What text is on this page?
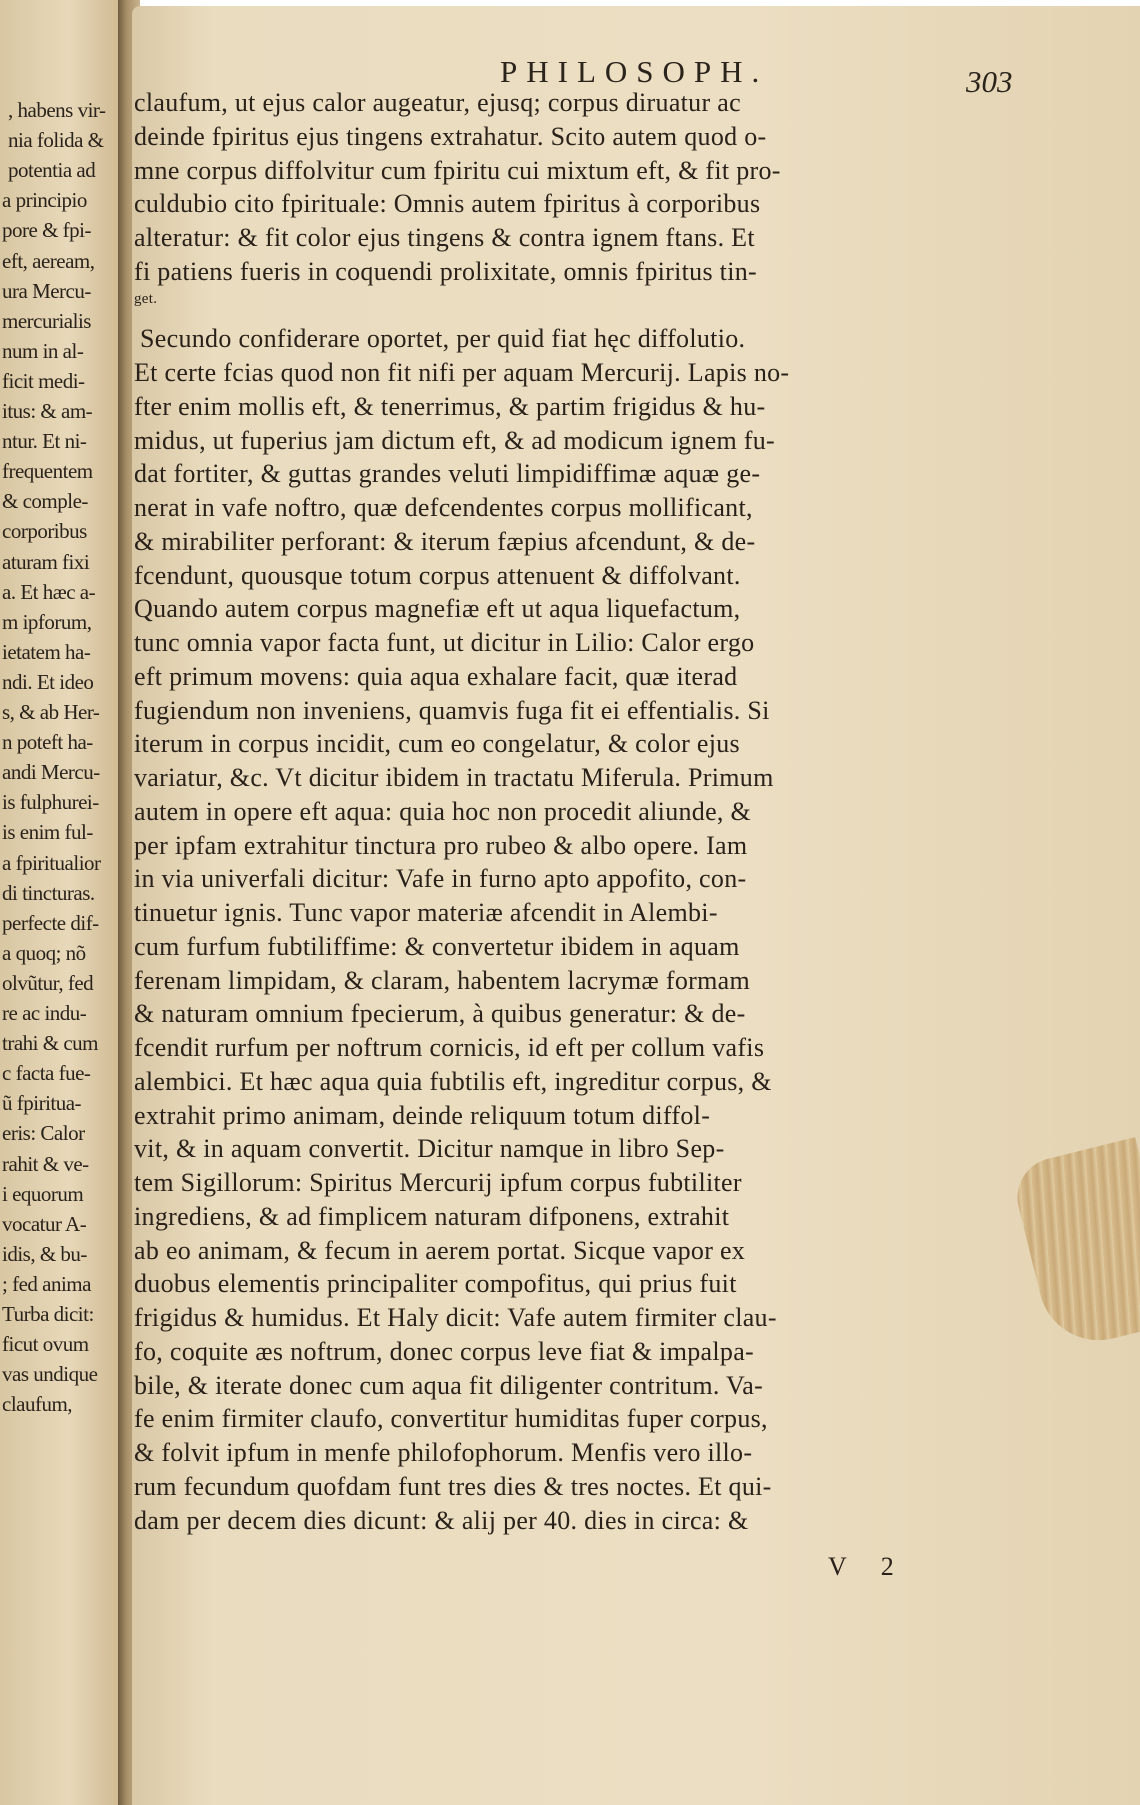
, habens vir-
nia folida &
potentia ad
a principio
pore & fpi-
eft, aeream,
ura Mercu-
mercurialis
num in al-
ficit medi-
itus: & am-
ntur. Et ni-
frequentem
& comple-
corporibus
aturam fixi
a. Et hæc a-
m ipforum,
ietatem ha-
ndi. Et ideo
s, & ab Her-
n poteft ha-
andi Mercu-
is fulphurei-
is enim ful-
a fpiritualior
di tincturas.
perfecte dif-
a quoq; nõ
olvũtur, fed
re ac indu-
trahi & cum
c facta fue-
ũ fpiritua-
eris: Calor
rahit & ve-
i equorum
vocatur A-
idis, & bu-
; fed anima
Turba dicit:
ficut ovum
vas undique
claufum,
PHILOSOPH.	303
claufum, ut ejus calor augeatur, ejusq; corpus diruatur ac
deinde fpiritus ejus tingens extrahatur. Scito autem quod o-
mne corpus diffolvitur cum fpiritu cui mixtum eft, & fit pro-
culdubio cito fpirituale: Omnis autem fpiritus à corporibus
alteratur: & fit color ejus tingens & contra ignem ftans. Et
fi patiens fueris in coquendi prolixitate, omnis fpiritus tin-
get.
Secundo confiderare oportet, per quid fiat hęc diffolutio.
Et certe fcias quod non fit nifi per aquam Mercurij. Lapis no-
fter enim mollis eft, & tenerrimus, & partim frigidus & hu-
midus, ut fuperius jam dictum eft, & ad modicum ignem fu-
dat fortiter, & guttas grandes veluti limpidiffimæ aquæ ge-
nerat in vafe noftro, quæ defcendentes corpus mollificant,
& mirabiliter perforant: & iterum fæpius afcendunt, & de-
fcendunt, quousque totum corpus attenuent & diffolvant.
Quando autem corpus magnefiæ eft ut aqua liquefactum,
tunc omnia vapor facta funt, ut dicitur in Lilio: Calor ergo
eft primum movens: quia aqua exhalare facit, quæ iterad
fugiendum non inveniens, quamvis fuga fit ei effentialis. Si
iterum in corpus incidit, cum eo congelatur, & color ejus
variatur, &c. Vt dicitur ibidem in tractatu Miferula. Primum
autem in opere eft aqua: quia hoc non procedit aliunde, &
per ipfam extrahitur tinctura pro rubeo & albo opere. Iam
in via univerfali dicitur: Vafe in furno apto appofito, con-
tinuetur ignis. Tunc vapor materiæ afcendit in Alembi-
cum furfum fubtiliffime: & convertetur ibidem in aquam
ferenam limpidam, & claram, habentem lacrymæ formam
& naturam omnium fpecierum, à quibus generatur: & de-
fcendit rurfum per noftrum cornicis, id eft per collum vafis
alembici. Et hæc aqua quia fubtilis eft, ingreditur corpus, &
extrahit primo animam, deinde reliquum totum diffol-
vit, & in aquam convertit. Dicitur namque in libro Sep-
tem Sigillorum: Spiritus Mercurij ipfum corpus fubtiliter
ingrediens, & ad fimplicem naturam difponens, extrahit
ab eo animam, & fecum in aerem portat. Sicque vapor ex
duobus elementis principaliter compofitus, qui prius fuit
frigidus & humidus. Et Haly dicit: Vafe autem firmiter clau-
fo, coquite æs noftrum, donec corpus leve fiat & impalpa-
bile, & iterate donec cum aqua fit diligenter contritum. Va-
fe enim firmiter claufo, convertitur humiditas fuper corpus,
& folvit ipfum in menfe philofophorum. Menfis vero illo-
rum fecundum quofdam funt tres dies & tres noctes. Et qui-
dam per decem dies dicunt: & alij per 40. dies in circa: &
V 2
